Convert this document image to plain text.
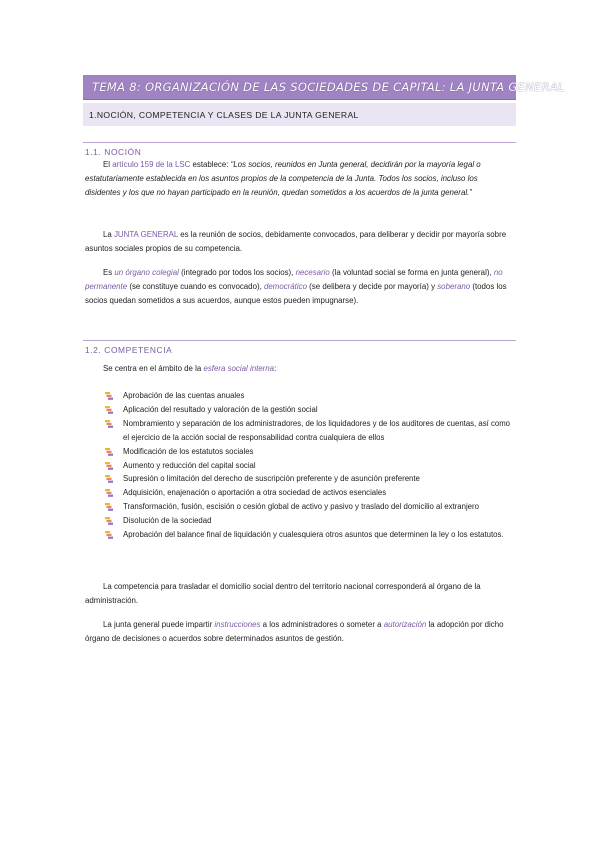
TEMA 8: ORGANIZACIÓN DE LAS SOCIEDADES DE CAPITAL: LA JUNTA GENERAL
1.NOCIÓN, COMPETENCIA Y CLASES DE LA JUNTA GENERAL
1.1. NOCIÓN

El artículo 159 de la LSC establece: “Los socios, reunidos en Junta general, decidirán por la mayoría legal o estatutariamente establecida en los asuntos propios de la competencia de la Junta. Todos los socios, incluso los disidentes y los que no hayan participado en la reunión, quedan sometidos a los acuerdos de la junta general.”

La JUNTA GENERAL es la reunión de socios, debidamente convocados, para deliberar y decidir por mayoría sobre asuntos sociales propios de su competencia.

Es un órgano colegial (integrado por todos los socios), necesario (la voluntad social se forma en junta general), no permanente (se constituye cuando es convocado), democrático (se delibera y decide por mayoría) y soberano (todos los socios quedan sometidos a sus acuerdos, aunque estos pueden impugnarse).

1.2. COMPETENCIA

Se centra en el ámbito de la esfera social interna:

Aprobación de las cuentas anuales
Aplicación del resultado y valoración de la gestión social
Nombramiento y separación de los administradores, de los liquidadores y de los auditores de cuentas, así como el ejercicio de la acción social de responsabilidad contra cualquiera de ellos
Modificación de los estatutos sociales
Aumento y reducción del capital social
Supresión o limitación del derecho de suscripción preferente y de asunción preferente
Adquisición, enajenación o aportación a otra sociedad de activos esenciales
Transformación, fusión, escisión o cesión global de activo y pasivo y traslado del domicilio al extranjero
Disolución de la sociedad
Aprobación del balance final de liquidación y cualesquiera otros asuntos que determinen la ley o los estatutos.

La competencia para trasladar el domicilio social dentro del territorio nacional corresponderá al órgano de la administración.

La junta general puede impartir instrucciones a los administradores o someter a autorización la adopción por dicho órgano de decisiones o acuerdos sobre determinados asuntos de gestión.
